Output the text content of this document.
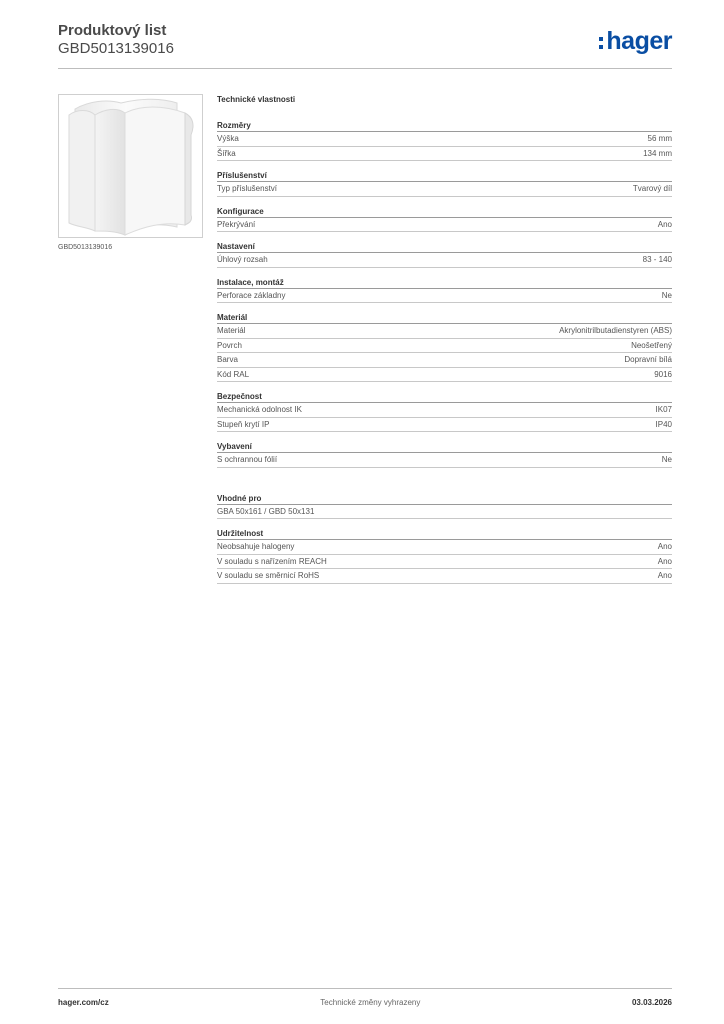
Produktový list
GBD5013139016	hager
GBD5013139016
Technické vlastnosti
Rozměry
Výška	56 mm
Šířka	134 mm
Příslušenství
Typ příslušenství	Tvarový díl
Konfigurace
Překrývání	Ano
Nastavení
Úhlový rozsah	83 - 140
Instalace, montáž
Perforace základny	Ne
Materiál
Materiál	Akrylonitrilbutadienstyren (ABS)
Povrch	Neošetřený
Barva	Dopravní bílá
Kód RAL	9016
Bezpečnost
Mechanická odolnost IK	IK07
Stupeň krytí IP	IP40
Vybavení
S ochrannou fólií	Ne
Vhodné pro
GBA 50x161 / GBD 50x131
Udržitelnost
Neobsahuje halogeny	Ano
V souladu s nařízením REACH	Ano
V souladu se směrnicí RoHS	Ano
hager.com/cz	Technické změny vyhrazeny	03.03.2026
